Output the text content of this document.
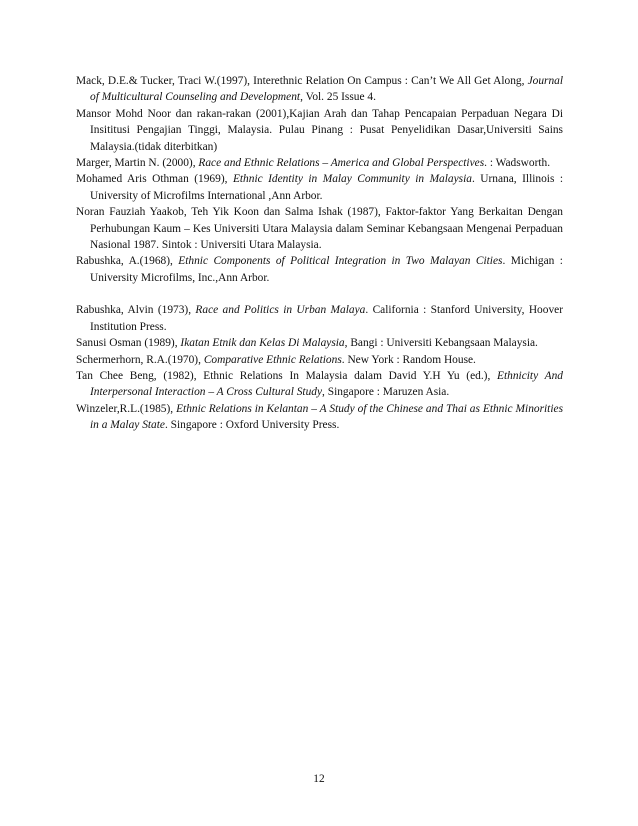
Mack, D.E.& Tucker, Traci W.(1997), Interethnic Relation On Campus : Can’t We All Get Along, Journal of Multicultural Counseling and Development, Vol. 25 Issue 4.

Mansor Mohd Noor dan rakan-rakan (2001),Kajian Arah dan Tahap Pencapaian Perpaduan Negara Di Insititusi Pengajian Tinggi, Malaysia. Pulau Pinang : Pusat Penyelidikan Dasar,Universiti Sains Malaysia.(tidak diterbitkan)

Marger, Martin N. (2000), Race and Ethnic Relations – America and Global Perspectives. : Wadsworth.

Mohamed Aris Othman (1969), Ethnic Identity in Malay Community in Malaysia. Urnana, Illinois : University of Microfilms International ,Ann Arbor.

Noran Fauziah Yaakob, Teh Yik Koon dan Salma Ishak (1987), Faktor-faktor Yang Berkaitan Dengan Perhubungan Kaum – Kes Universiti Utara Malaysia dalam Seminar Kebangsaan Mengenai Perpaduan Nasional 1987. Sintok : Universiti Utara Malaysia.

Rabushka, A.(1968), Ethnic Components of Political Integration in Two Malayan Cities. Michigan : University Microfilms, Inc.,Ann Arbor.

Rabushka, Alvin (1973), Race and Politics in Urban Malaya. California : Stanford University, Hoover Institution Press.

Sanusi Osman (1989), Ikatan Etnik dan Kelas Di Malaysia, Bangi : Universiti Kebangsaan Malaysia.

Schermerhorn, R.A.(1970), Comparative Ethnic Relations. New York : Random House.

Tan Chee Beng, (1982), Ethnic Relations In Malaysia dalam David Y.H Yu (ed.), Ethnicity And Interpersonal Interaction – A Cross Cultural Study, Singapore : Maruzen Asia.

Winzeler,R.L.(1985), Ethnic Relations in Kelantan – A Study of the Chinese and Thai as Ethnic Minorities in a Malay State. Singapore : Oxford University Press.

12
